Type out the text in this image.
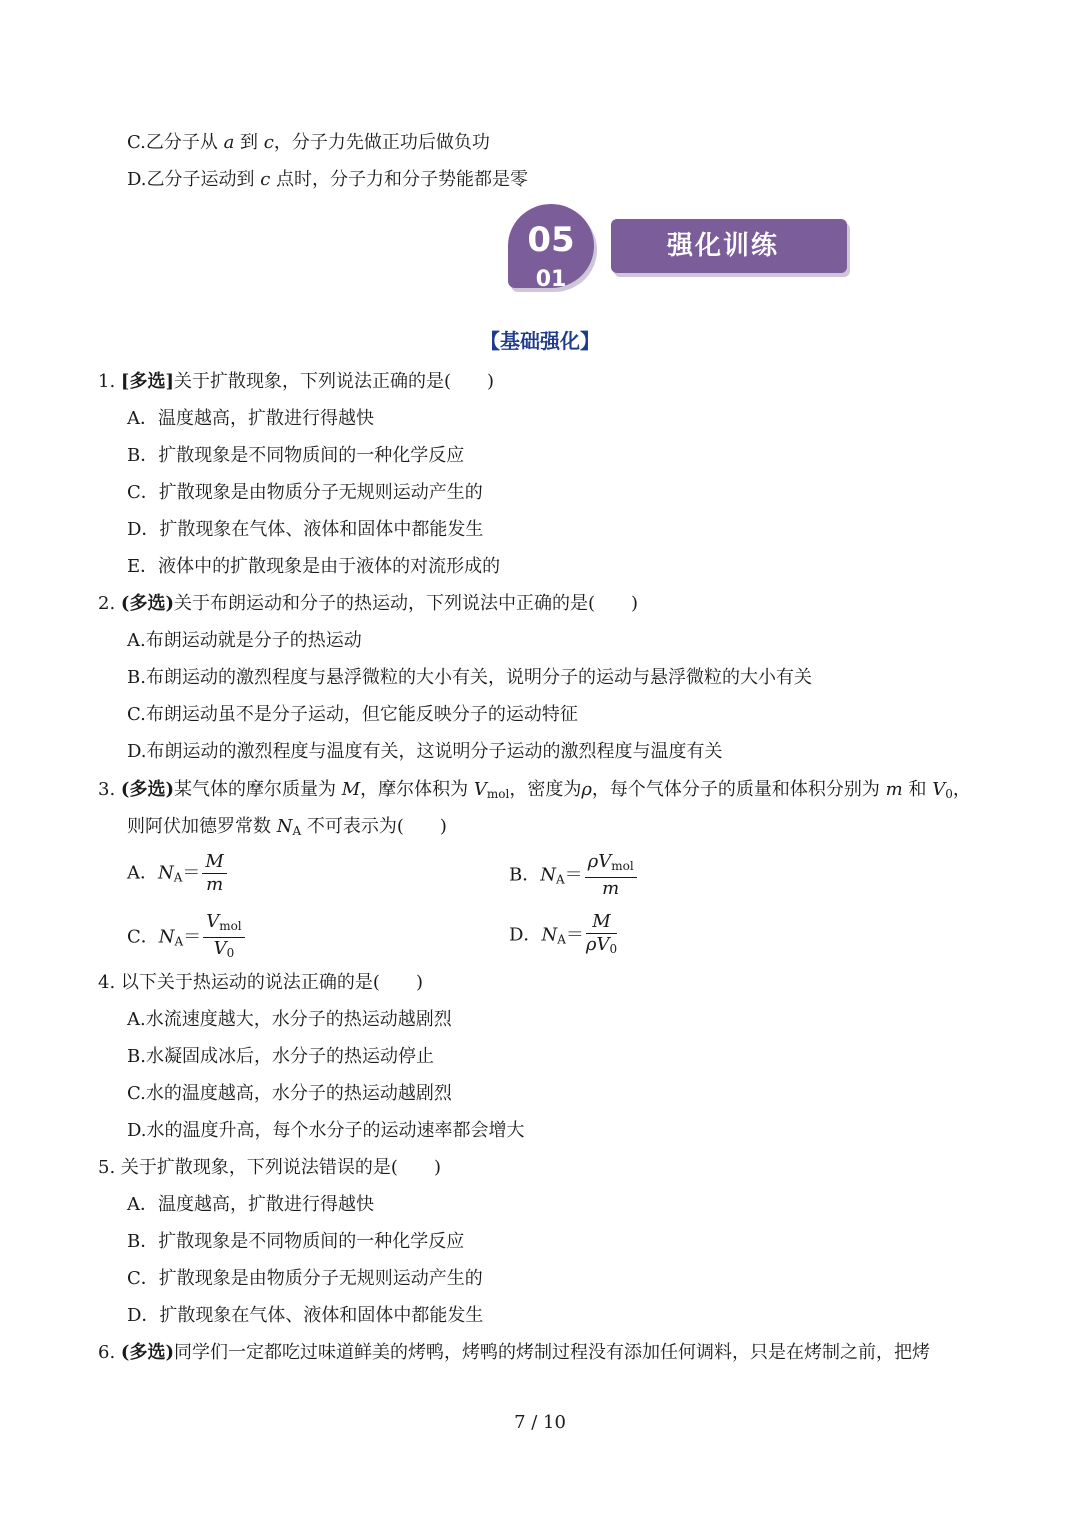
C.乙分子从 a 到 c，分子力先做正功后做负功
D.乙分子运动到 c 点时，分子力和分子势能都是零
05
01
强化训练
【基础强化】
1. [多选]关于扩散现象，下列说法正确的是(　　)
A．温度越高，扩散进行得越快
B．扩散现象是不同物质间的一种化学反应
C．扩散现象是由物质分子无规则运动产生的
D．扩散现象在气体、液体和固体中都能发生
E．液体中的扩散现象是由于液体的对流形成的
2. (多选)关于布朗运动和分子的热运动，下列说法中正确的是(　　)
A.布朗运动就是分子的热运动
B.布朗运动的激烈程度与悬浮微粒的大小有关，说明分子的运动与悬浮微粒的大小有关
C.布朗运动虽不是分子运动，但它能反映分子的运动特征
D.布朗运动的激烈程度与温度有关，这说明分子运动的激烈程度与温度有关
3. (多选)某气体的摩尔质量为 M，摩尔体积为 $V_{mol}$，密度为ρ，每个气体分子的质量和体积分别为 m 和 $V_0$，
则阿伏加德罗常数 $N_A$ 不可表示为(　　)
A．$N_A= \frac{M}{m}$	B．$N_A= \frac{\rho V_{mol}}{m}$
C．$N_A= \frac{V_{mol}}{V_0}$	D．$N_A= \frac{M}{\rho V_0}$
4. 以下关于热运动的说法正确的是(　　)
A.水流速度越大，水分子的热运动越剧烈
B.水凝固成冰后，水分子的热运动停止
C.水的温度越高，水分子的热运动越剧烈
D.水的温度升高，每个水分子的运动速率都会增大
5. 关于扩散现象，下列说法错误的是(　　)
A．温度越高，扩散进行得越快
B．扩散现象是不同物质间的一种化学反应
C．扩散现象是由物质分子无规则运动产生的
D．扩散现象在气体、液体和固体中都能发生
6. (多选)同学们一定都吃过味道鲜美的烤鸭，烤鸭的烤制过程没有添加任何调料，只是在烤制之前，把烤
7 / 10
